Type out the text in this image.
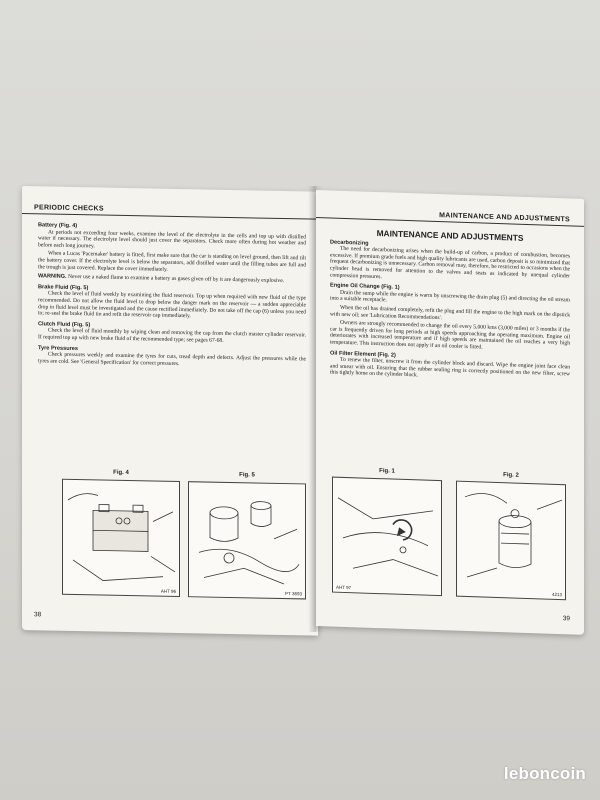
PERIODIC CHECKS
Battery (Fig. 4)

At periods not exceeding four weeks, examine the level of the electrolyte in the cells and top up with distilled water if necessary. The electrolyte level should just cover the separators. Check more often during hot weather and before each long journey.

When a Lucas 'Pacemaker' battery is fitted, first make sure that the car is standing on level ground, then lift and tilt the battery cover. If the electrolyte level is below the separators, add distilled water until the filling tubes are full and the trough is just covered. Replace the cover immediately.

WARNING. Never use a naked flame to examine a battery as gases given off by it are dangerously explosive.

Brake Fluid (Fig. 5)

Check the level of fluid weekly by examining the fluid reservoir. Top up when required with new fluid of the type recommended. Do not allow the fluid level to drop below the danger mark on the reservoir — a sudden appreciable drop in fluid level must be investigated and the cause rectified immediately. Do not take off the cap (6) unless you need to; re-seal the brake fluid tin and refit the reservoir cap immediately.

Clutch Fluid (Fig. 5)

Check the level of fluid monthly by wiping clean and removing the cap from the clutch master cylinder reservoir. If required top up with new brake fluid of the recommended type; see pages 67-68.

Tyre Pressures

Check pressures weekly and examine the tyres for cuts, tread depth and defects. Adjust the pressures while the tyres are cold. See 'General Specification' for correct pressures.

Fig. 4
AHT 96
Fig. 5
PT 3693
38
MAINTENANCE AND ADJUSTMENTS
MAINTENANCE AND ADJUSTMENTS
Decarbonizing

The need for decarbonizing arises when the build-up of carbon, a product of combustion, becomes excessive. If premium grade fuels and high quality lubricants are used, carbon deposit is so minimized that frequent decarbonizing is unnecessary. Carbon removal may, therefore, be restricted to occasions when the cylinder head is removed for attention to the valves and seats as indicated by unequal cylinder compression pressures.

Engine Oil Change (Fig. 1)

Drain the sump while the engine is warm by unscrewing the drain plug (5) and directing the oil stream into a suitable receptacle.

When the oil has drained completely, refit the plug and fill the engine to the high mark on the dipstick with new oil; see 'Lubrication Recommendations'.

Owners are strongly recommended to change the oil every 5,000 kms (3,000 miles) or 3 months if the car is frequently driven for long periods at high speeds approaching the operating maximum. Engine oil deteriorates with increased temperature and if high speeds are maintained the oil reaches a very high temperature. This instruction does not apply if an oil cooler is fitted.

Oil Filter Element (Fig. 2)

To renew the filter, unscrew it from the cylinder block and discard. Wipe the engine joint face clean and smear with oil. Ensuring that the rubber sealing ring is correctly positioned on the new filter, screw this tightly home on the cylinder block.

Fig. 1
AHT 97
Fig. 2
4213
39
leboncoin
